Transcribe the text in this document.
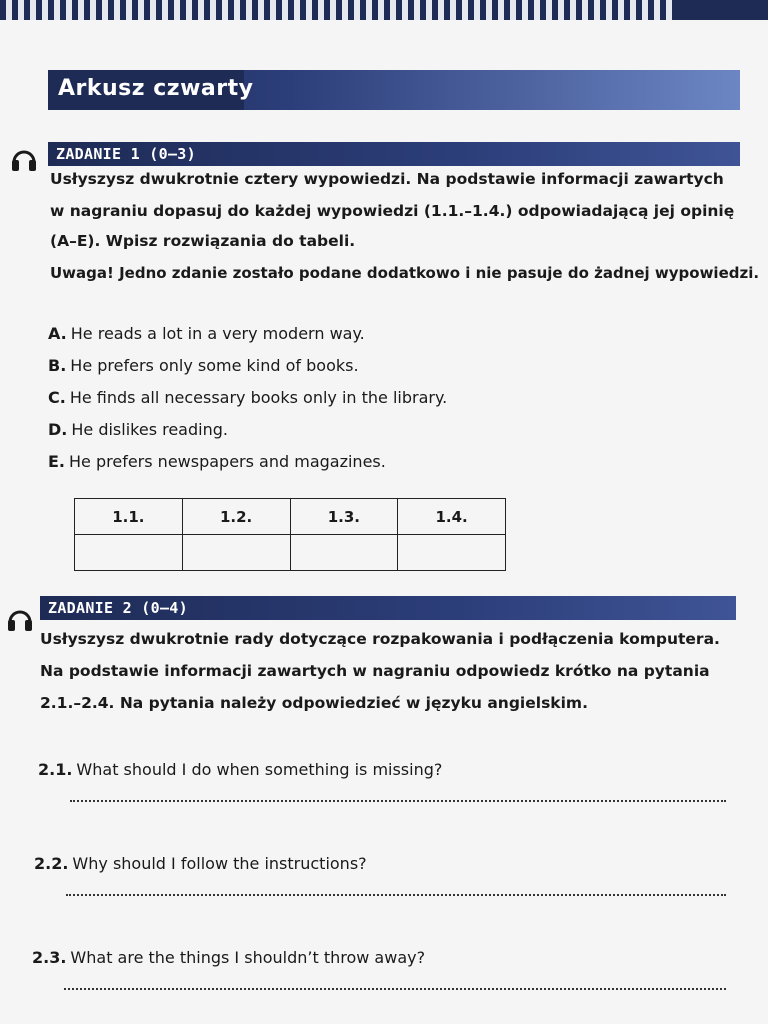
Arkusz czwarty
ZADANIE 1 (0–3)
Usłyszysz dwukrotnie cztery wypowiedzi. Na podstawie informacji zawartych
w nagraniu dopasuj do każdej wypowiedzi (1.1.–1.4.) odpowiadającą jej opinię
(A–E). Wpisz rozwiązania do tabeli.
Uwaga! Jedno zdanie zostało podane dodatkowo i nie pasuje do żadnej wypowiedzi.
A. He reads a lot in a very modern way.
B. He prefers only some kind of books.
C. He finds all necessary books only in the library.
D. He dislikes reading.
E. He prefers newspapers and magazines.
1.1.	1.2.	1.3.	1.4.

ZADANIE 2 (0–4)
Usłyszysz dwukrotnie rady dotyczące rozpakowania i podłączenia komputera.
Na podstawie informacji zawartych w nagraniu odpowiedz krótko na pytania
2.1.–2.4. Na pytania należy odpowiedzieć w języku angielskim.
2.1. What should I do when something is missing?
2.2. Why should I follow the instructions?
2.3. What are the things I shouldn’t throw away?
